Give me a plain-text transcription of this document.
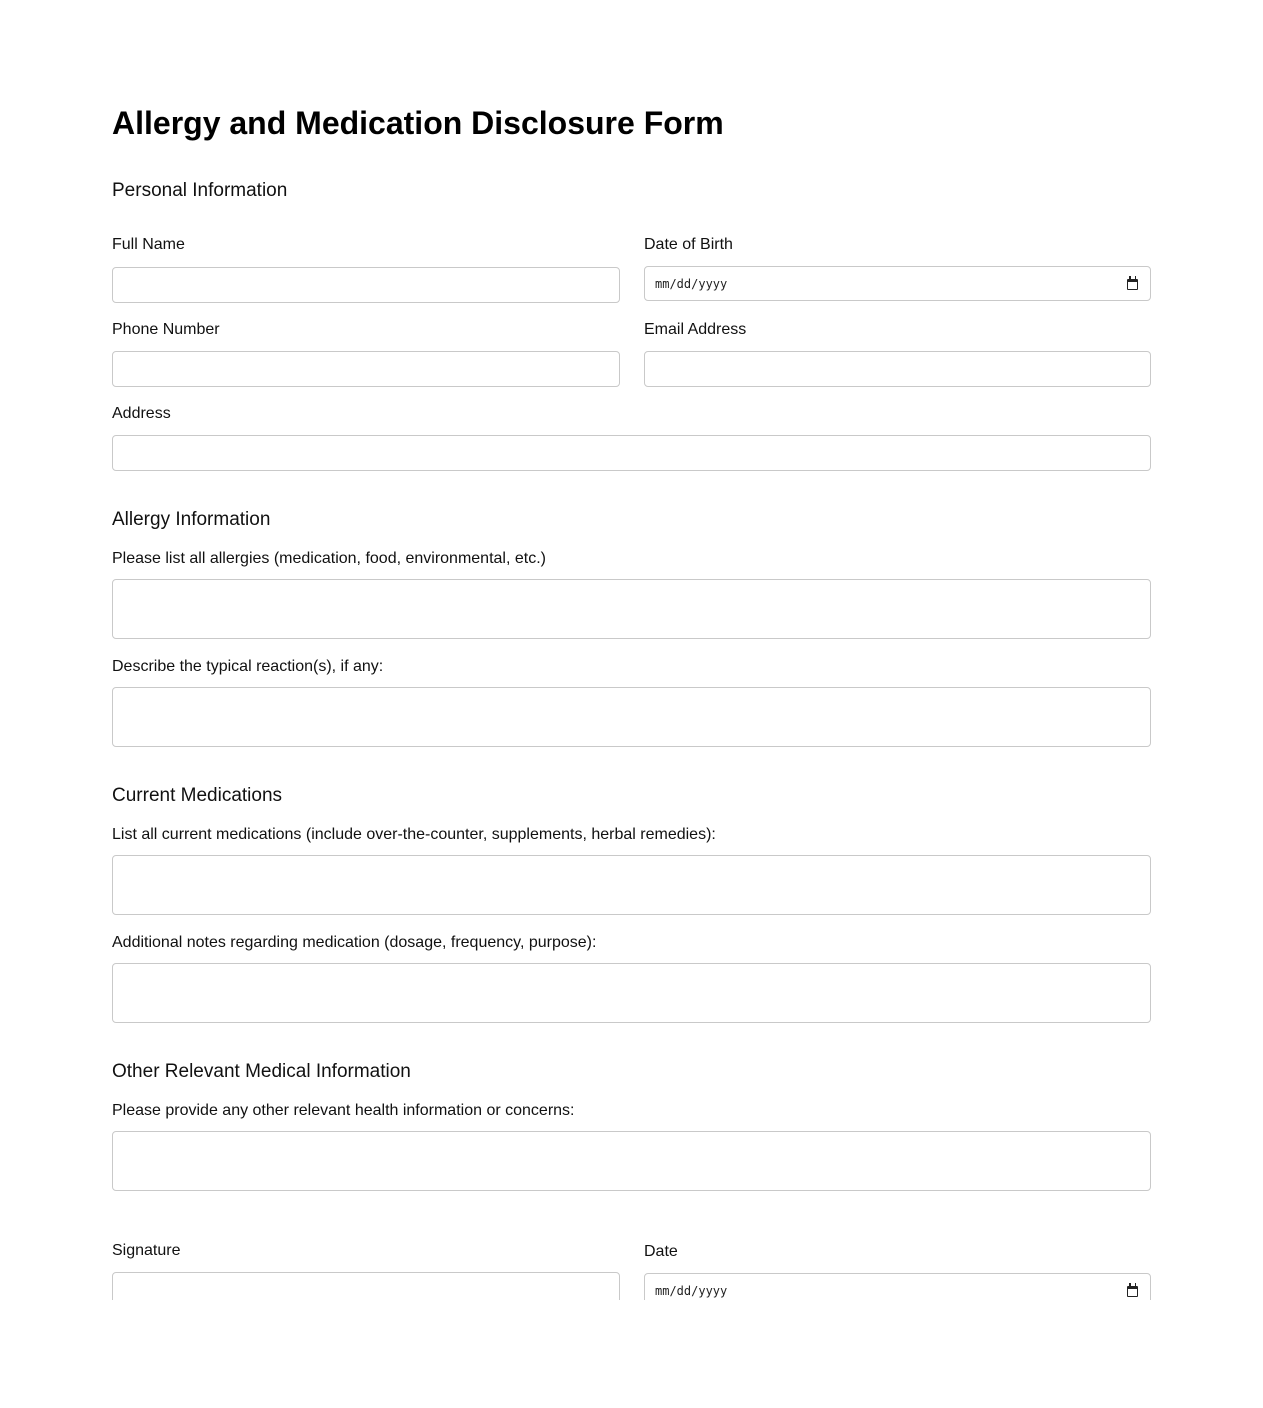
Allergy and Medication Disclosure Form
Personal Information
Full Name	Date of Birth
mm/dd/yyyy
Phone Number	Email Address
Address
Allergy Information
Please list all allergies (medication, food, environmental, etc.)
Describe the typical reaction(s), if any:
Current Medications
List all current medications (include over-the-counter, supplements, herbal remedies):
Additional notes regarding medication (dosage, frequency, purpose):
Other Relevant Medical Information
Please provide any other relevant health information or concerns:
Signature	Date
mm/dd/yyyy
